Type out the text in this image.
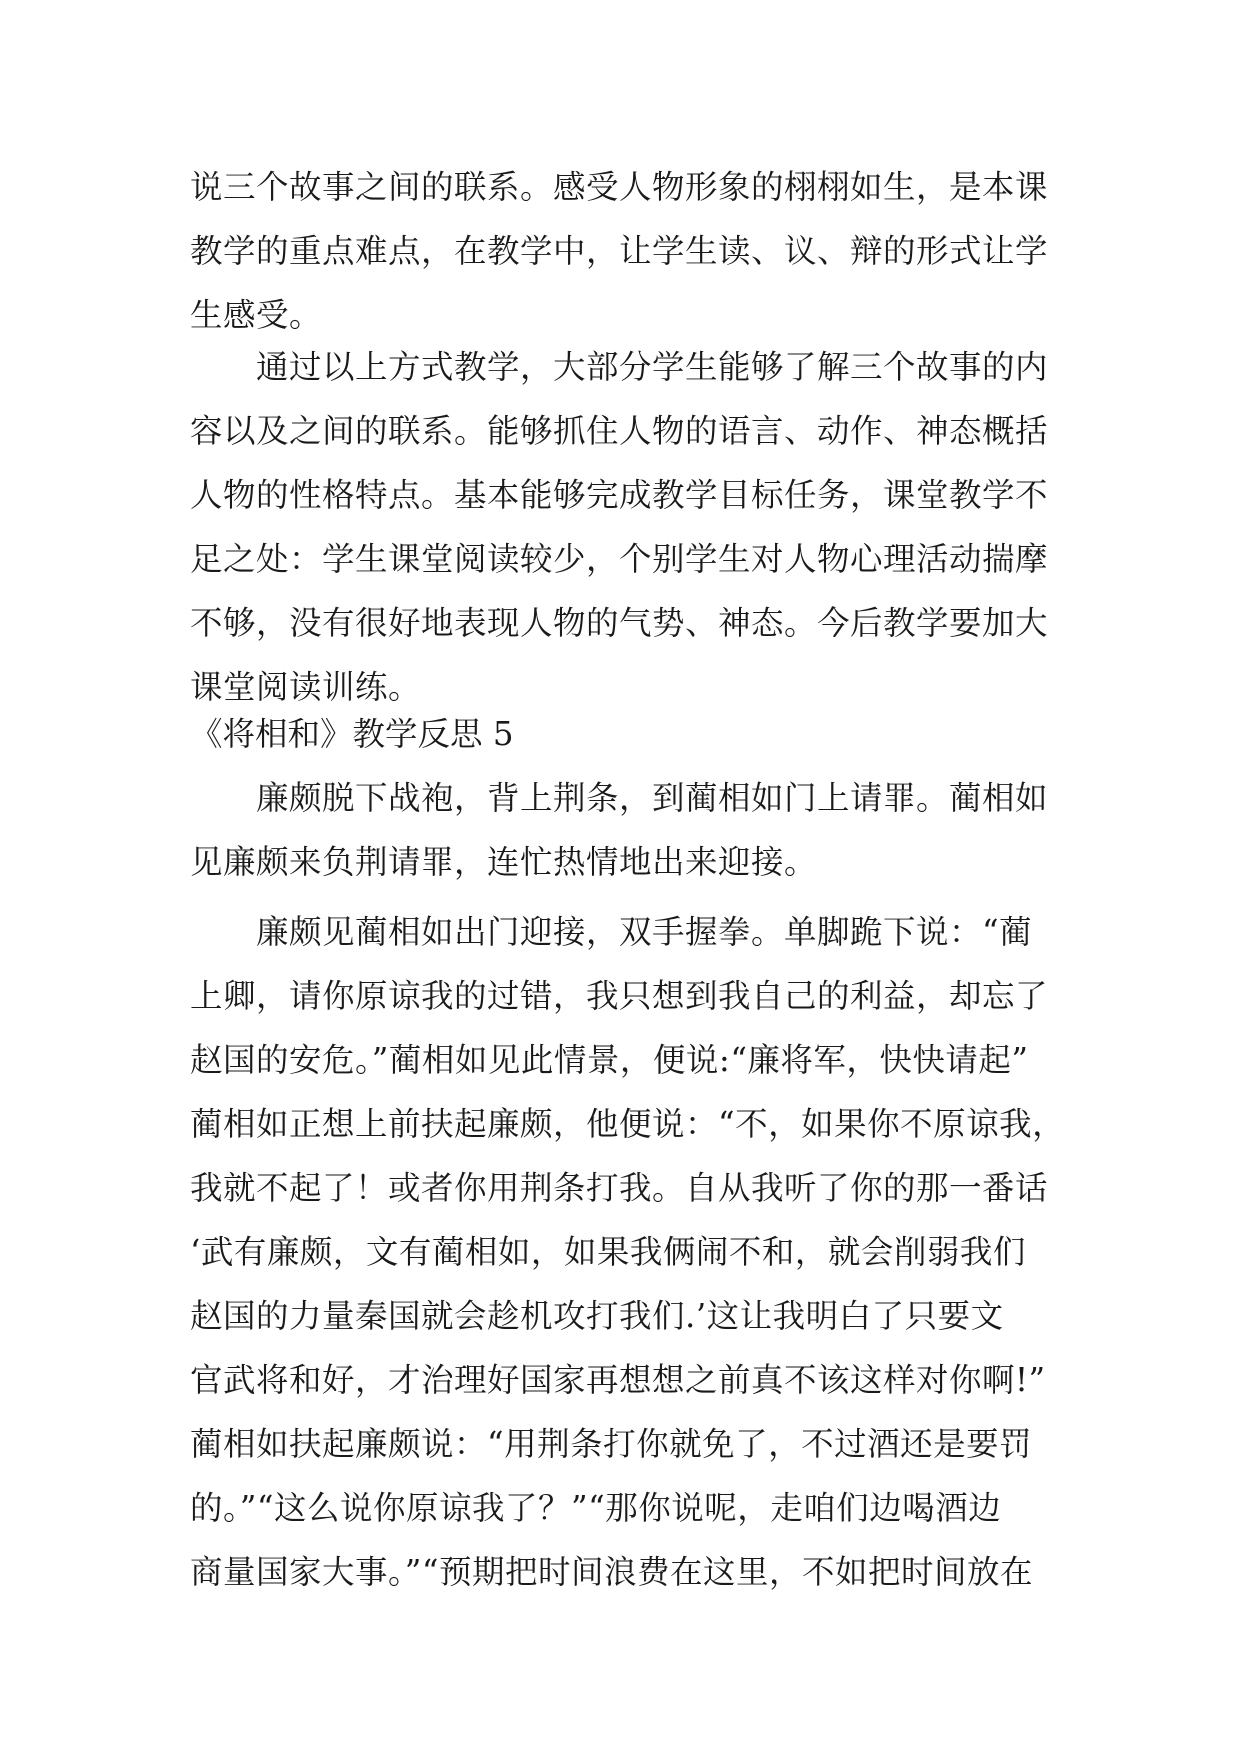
说三个故事之间的联系。感受人物形象的栩栩如生，是本课
教学的重点难点，在教学中，让学生读、议、辩的形式让学
生感受。
　　通过以上方式教学，大部分学生能够了解三个故事的内
容以及之间的联系。能够抓住人物的语言、动作、神态概括
人物的性格特点。基本能够完成教学目标任务，课堂教学不
足之处：学生课堂阅读较少，个别学生对人物心理活动揣摩
不够，没有很好地表现人物的气势、神态。今后教学要加大
课堂阅读训练。
《将相和》教学反思 5
　　廉颇脱下战袍，背上荆条，到蔺相如门上请罪。蔺相如
见廉颇来负荆请罪，连忙热情地出来迎接。
　　廉颇见蔺相如出门迎接，双手握拳。单脚跪下说：“蔺
上卿，请你原谅我的过错，我只想到我自己的利益，却忘了
赵国的安危。”蔺相如见此情景，便说:“廉将军，快快请起”
蔺相如正想上前扶起廉颇，他便说：“不，如果你不原谅我，
我就不起了！或者你用荆条打我。自从我听了你的那一番话
‘武有廉颇，文有蔺相如，如果我俩闹不和，就会削弱我们
赵国的力量秦国就会趁机攻打我们.’这让我明白了只要文
官武将和好，才治理好国家再想想之前真不该这样对你啊!”
蔺相如扶起廉颇说：“用荆条打你就免了，不过酒还是要罚
的。”“这么说你原谅我了？”“那你说呢，走咱们边喝酒边
商量国家大事。”“预期把时间浪费在这里，不如把时间放在
